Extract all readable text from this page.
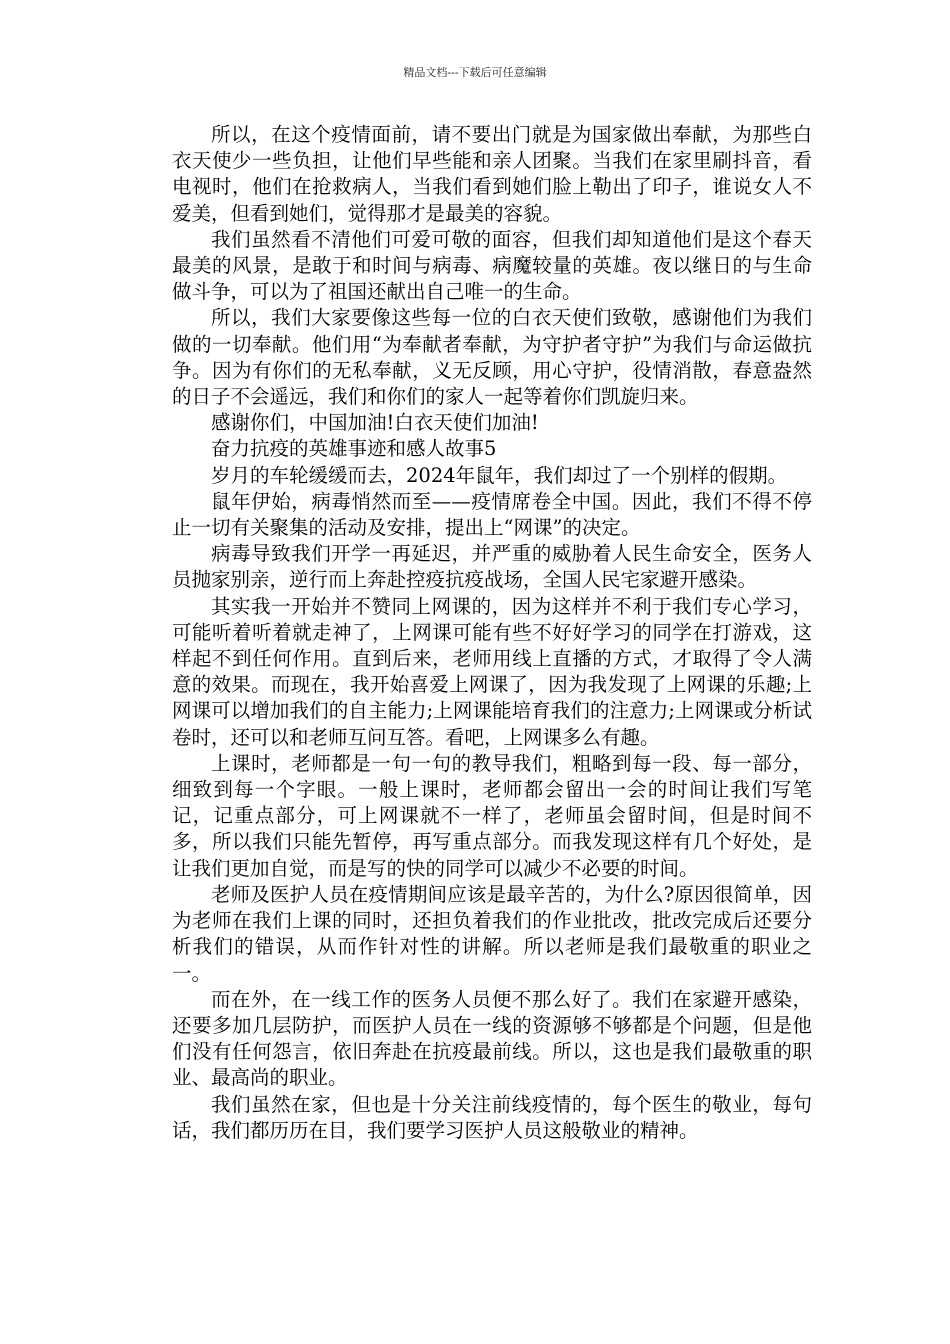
精品文档---下载后可任意编辑

所以，在这个疫情面前，请不要出门就是为国家做出奉献，为那些白衣天使少一些负担，让他们早些能和亲人团聚。当我们在家里刷抖音，看电视时，他们在抢救病人，当我们看到她们脸上勒出了印子，谁说女人不爱美，但看到她们，觉得那才是最美的容貌。

我们虽然看不清他们可爱可敬的面容，但我们却知道他们是这个春天最美的风景，是敢于和时间与病毒、病魔较量的英雄。夜以继日的与生命做斗争，可以为了祖国还献出自己唯一的生命。

所以，我们大家要像这些每一位的白衣天使们致敬，感谢他们为我们做的一切奉献。他们用“为奉献者奉献，为守护者守护”为我们与命运做抗争。因为有你们的无私奉献，义无反顾，用心守护，役情消散，春意盎然的日子不会遥远，我们和你们的家人一起等着你们凯旋归来。

感谢你们，中国加油!白衣天使们加油!

奋力抗疫的英雄事迹和感人故事5

岁月的车轮缓缓而去，2024年鼠年，我们却过了一个别样的假期。

鼠年伊始，病毒悄然而至——疫情席卷全中国。因此，我们不得不停止一切有关聚集的活动及安排，提出上“网课”的决定。

病毒导致我们开学一再延迟，并严重的威胁着人民生命安全，医务人员抛家别亲，逆行而上奔赴控疫抗疫战场，全国人民宅家避开感染。

其实我一开始并不赞同上网课的，因为这样并不利于我们专心学习，可能听着听着就走神了，上网课可能有些不好好学习的同学在打游戏，这样起不到任何作用。直到后来，老师用线上直播的方式，才取得了令人满意的效果。而现在，我开始喜爱上网课了，因为我发现了上网课的乐趣;上网课可以增加我们的自主能力;上网课能培育我们的注意力;上网课或分析试卷时，还可以和老师互问互答。看吧，上网课多么有趣。

上课时，老师都是一句一句的教导我们，粗略到每一段、每一部分，细致到每一个字眼。一般上课时，老师都会留出一会的时间让我们写笔记，记重点部分，可上网课就不一样了，老师虽会留时间，但是时间不多，所以我们只能先暂停，再写重点部分。而我发现这样有几个好处，是让我们更加自觉，而是写的快的同学可以减少不必要的时间。

老师及医护人员在疫情期间应该是最辛苦的，为什么?原因很简单，因为老师在我们上课的同时，还担负着我们的作业批改，批改完成后还要分析我们的错误，从而作针对性的讲解。所以老师是我们最敬重的职业之一。

而在外，在一线工作的医务人员便不那么好了。我们在家避开感染，还要多加几层防护，而医护人员在一线的资源够不够都是个问题，但是他们没有任何怨言，依旧奔赴在抗疫最前线。所以，这也是我们最敬重的职业、最高尚的职业。

我们虽然在家，但也是十分关注前线疫情的，每个医生的敬业，每句话，我们都历历在目，我们要学习医护人员这般敬业的精神。
